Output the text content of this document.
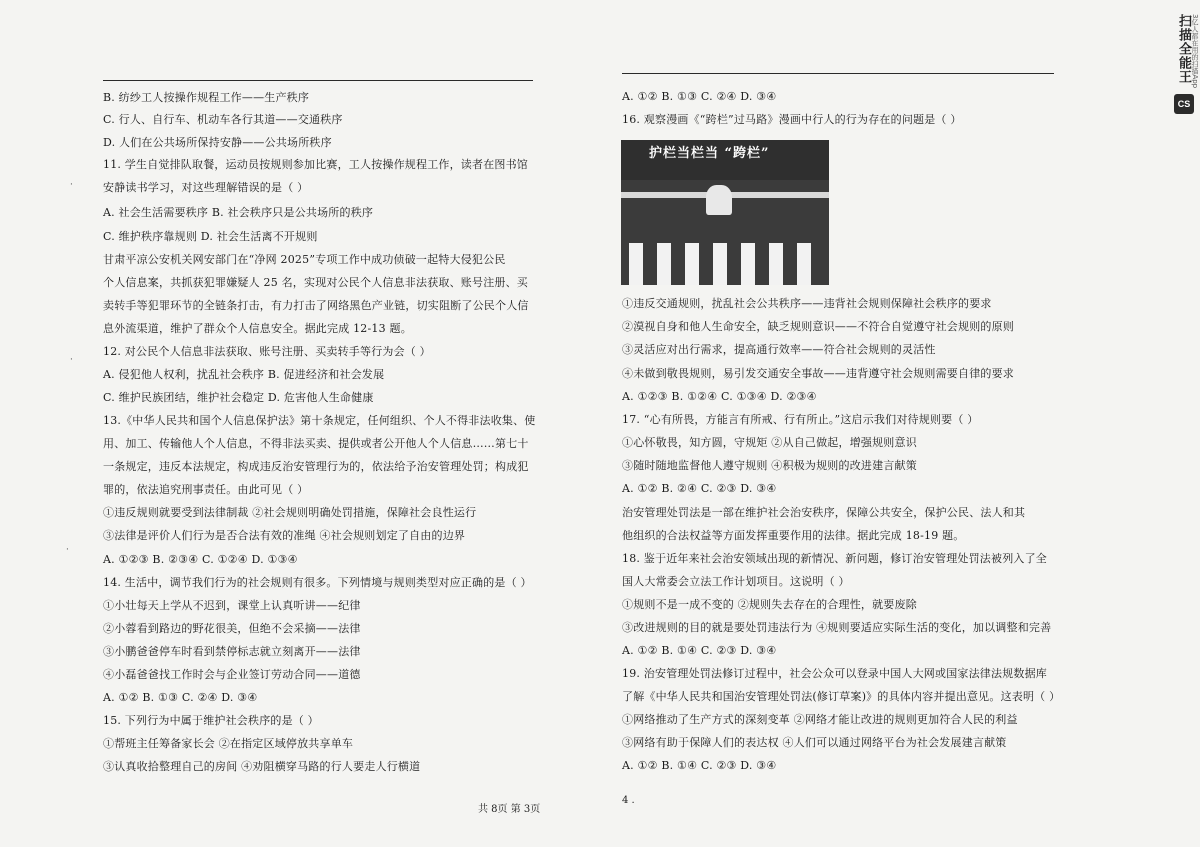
B. 纺纱工人按操作规程工作——生产秩序
C. 行人、自行车、机动车各行其道——交通秩序
D. 人们在公共场所保持安静——公共场所秩序
11. 学生自觉排队取餐，运动员按规则参加比赛，工人按操作规程工作，读者在图书馆
安静读书学习，对这些理解错误的是（ ）
A. 社会生活需要秩序 B. 社会秩序只是公共场所的秩序
C. 维护秩序靠规则 D. 社会生活离不开规则
甘肃平凉公安机关网安部门在“净网 2025”专项工作中成功侦破一起特大侵犯公民
个人信息案，共抓获犯罪嫌疑人 25 名，实现对公民个人信息非法获取、账号注册、买
卖转手等犯罪环节的全链条打击，有力打击了网络黑色产业链，切实阻断了公民个人信
息外流渠道，维护了群众个人信息安全。据此完成 12-13 题。
12. 对公民个人信息非法获取、账号注册、买卖转手等行为会（ ）
A. 侵犯他人权利，扰乱社会秩序 B. 促进经济和社会发展
C. 维护民族团结，维护社会稳定 D. 危害他人生命健康
13.《中华人民共和国个人信息保护法》第十条规定，任何组织、个人不得非法收集、使
用、加工、传输他人个人信息，不得非法买卖、提供或者公开他人个人信息……第七十
一条规定，违反本法规定，构成违反治安管理行为的，依法给予治安管理处罚；构成犯
罪的，依法追究刑事责任。由此可见（ ）
①违反规则就要受到法律制裁 ②社会规则明确处罚措施，保障社会良性运行
③法律是评价人们行为是否合法有效的准绳 ④社会规则划定了自由的边界
A. ①②③ B. ②③④ C. ①②④ D. ①③④
14. 生活中，调节我们行为的社会规则有很多。下列情境与规则类型对应正确的是（ ）
①小壮每天上学从不迟到，课堂上认真听讲——纪律
②小蓉看到路边的野花很美，但绝不会采摘——法律
③小鹏爸爸停车时看到禁停标志就立刻离开——法律
④小磊爸爸找工作时会与企业签订劳动合同——道德
A. ①② B. ①③ C. ②④ D. ③④
15. 下列行为中属于维护社会秩序的是（ ）
①帮班主任筹备家长会 ②在指定区域停放共享单车
③认真收拾整理自己的房间 ④劝阻横穿马路的行人要走人行横道
A. ①② B. ①③ C. ②④ D. ③④
16. 观察漫画《“跨栏”过马路》漫画中行人的行为存在的问题是（ ）
护栏当栏当 “跨栏”
①违反交通规则，扰乱社会公共秩序——违背社会规则保障社会秩序的要求
②漠视自身和他人生命安全，缺乏规则意识——不符合自觉遵守社会规则的原则
③灵活应对出行需求，提高通行效率——符合社会规则的灵活性
④未做到敬畏规则，易引发交通安全事故——违背遵守社会规则需要自律的要求
A. ①②③ B. ①②④ C. ①③④ D. ②③④
17. “心有所畏，方能言有所戒、行有所止。”这启示我们对待规则要（ ）
①心怀敬畏，知方圆，守规矩 ②从自己做起，增强规则意识
③随时随地监督他人遵守规则 ④积极为规则的改进建言献策
A. ①② B. ②④ C. ②③ D. ③④
治安管理处罚法是一部在维护社会治安秩序，保障公共安全，保护公民、法人和其
他组织的合法权益等方面发挥重要作用的法律。据此完成 18-19 题。
18. 鉴于近年来社会治安领域出现的新情况、新问题，修订治安管理处罚法被列入了全
国人大常委会立法工作计划项目。这说明（ ）
①规则不是一成不变的 ②规则失去存在的合理性，就要废除
③改进规则的目的就是要处罚违法行为 ④规则要适应实际生活的变化，加以调整和完善
A. ①② B. ①④ C. ②③ D. ③④
19. 治安管理处罚法修订过程中，社会公众可以登录中国人大网或国家法律法规数据库
了解《中华人民共和国治安管理处罚法(修订草案)》的具体内容并提出意见。这表明（ ）
①网络推动了生产方式的深刻变革 ②网络才能让改进的规则更加符合人民的利益
③网络有助于保障人们的表达权 ④人们可以通过网络平台为社会发展建言献策
A. ①② B. ①④ C. ②③ D. ③④
共 8页 第 3页
4 .
·
·
·
扫描全能王 3亿人都在用的扫描App
CS
